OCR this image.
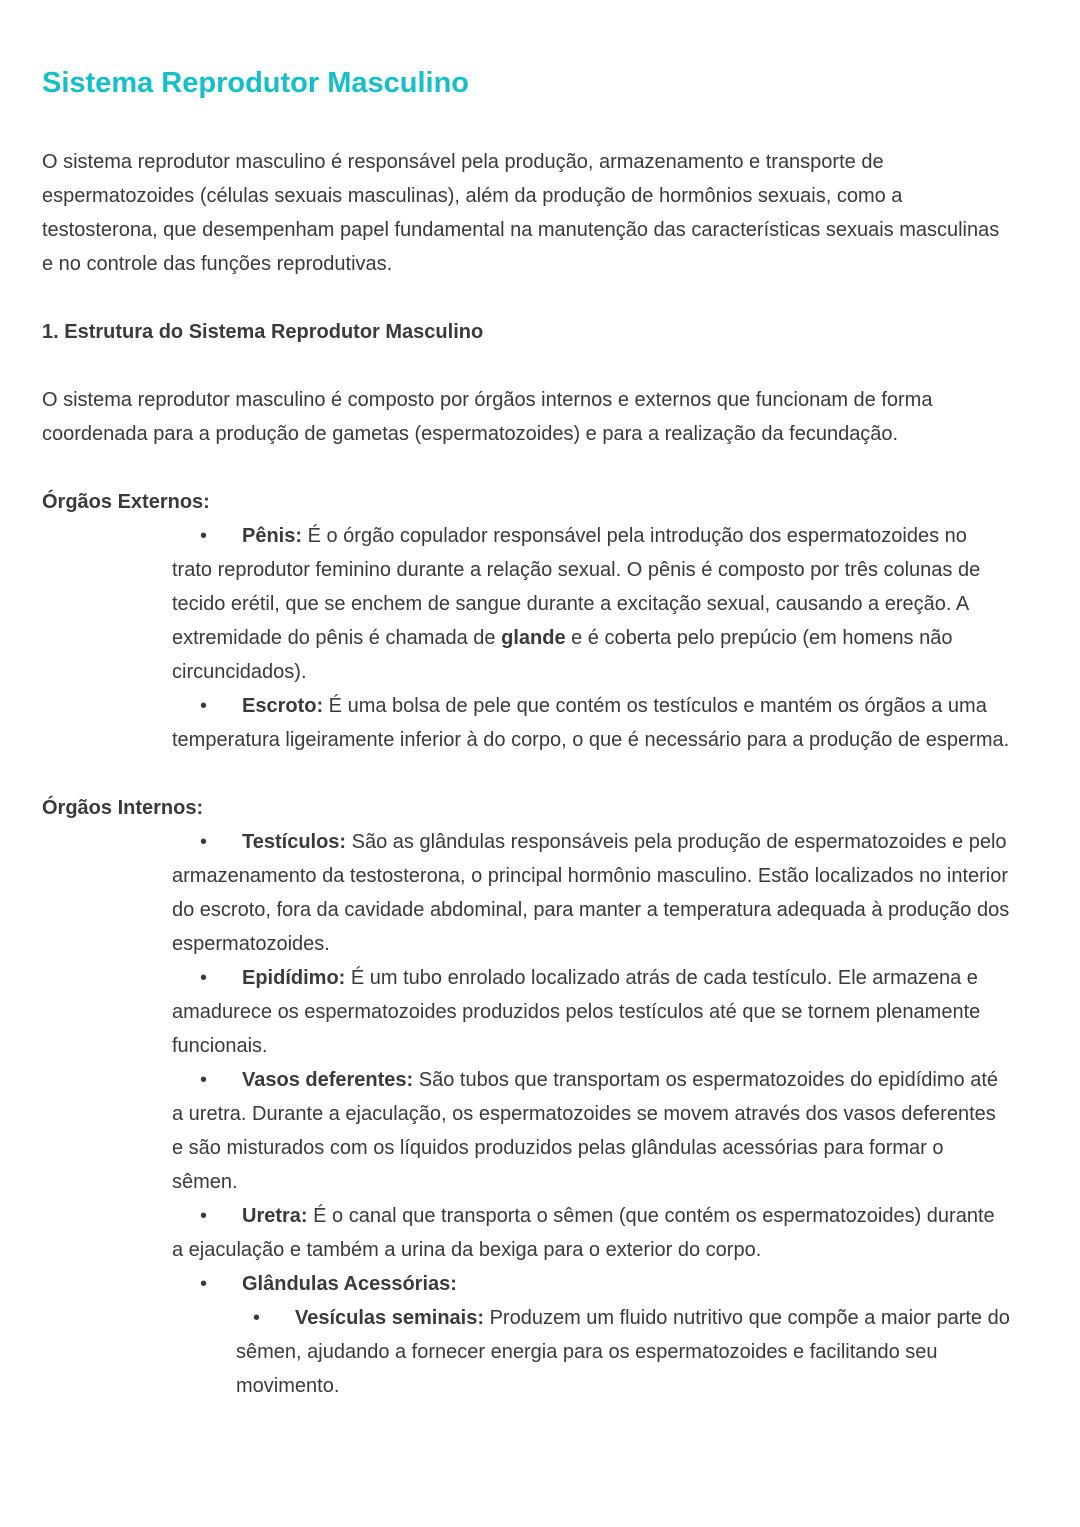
Sistema Reprodutor Masculino

O sistema reprodutor masculino é responsável pela produção, armazenamento e transporte de espermatozoides (células sexuais masculinas), além da produção de hormônios sexuais, como a testosterona, que desempenham papel fundamental na manutenção das características sexuais masculinas e no controle das funções reprodutivas.

1. Estrutura do Sistema Reprodutor Masculino

O sistema reprodutor masculino é composto por órgãos internos e externos que funcionam de forma coordenada para a produção de gametas (espermatozoides) e para a realização da fecundação.

Órgãos Externos:

• Pênis: É o órgão copulador responsável pela introdução dos espermatozoides no trato reprodutor feminino durante a relação sexual. O pênis é composto por três colunas de tecido erétil, que se enchem de sangue durante a excitação sexual, causando a ereção. A extremidade do pênis é chamada de glande e é coberta pelo prepúcio (em homens não circuncidados).

• Escroto: É uma bolsa de pele que contém os testículos e mantém os órgãos a uma temperatura ligeiramente inferior à do corpo, o que é necessário para a produção de esperma.

Órgãos Internos:

• Testículos: São as glândulas responsáveis pela produção de espermatozoides e pelo armazenamento da testosterona, o principal hormônio masculino. Estão localizados no interior do escroto, fora da cavidade abdominal, para manter a temperatura adequada à produção dos espermatozoides.

• Epidídimo: É um tubo enrolado localizado atrás de cada testículo. Ele armazena e amadurece os espermatozoides produzidos pelos testículos até que se tornem plenamente funcionais.

• Vasos deferentes: São tubos que transportam os espermatozoides do epidídimo até a uretra. Durante a ejaculação, os espermatozoides se movem através dos vasos deferentes e são misturados com os líquidos produzidos pelas glândulas acessórias para formar o sêmen.

• Uretra: É o canal que transporta o sêmen (que contém os espermatozoides) durante a ejaculação e também a urina da bexiga para o exterior do corpo.

• Glândulas Acessórias:

• Vesículas seminais: Produzem um fluido nutritivo que compõe a maior parte do sêmen, ajudando a fornecer energia para os espermatozoides e facilitando seu movimento.
